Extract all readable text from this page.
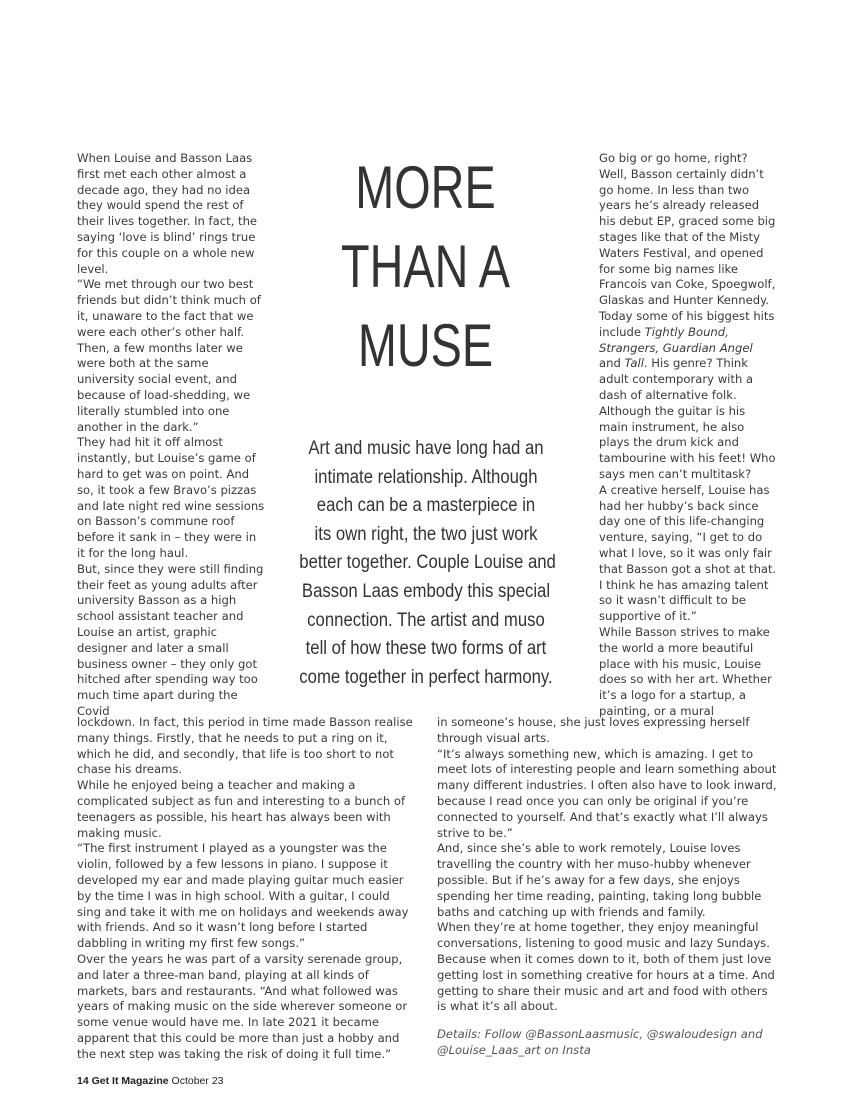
MORE
THAN A
MUSE
Art and music have long had an
intimate relationship. Although
each can be a masterpiece in
its own right, the two just work
better together. Couple Louise and
Basson Laas embody this special
connection. The artist and muso
tell of how these two forms of art
come together in perfect harmony.

When Louise and Basson Laas first met each other almost a decade ago, they had no idea they would spend the rest of their lives together. In fact, the saying ‘love is blind’ rings true for this couple on a whole new level.

“We met through our two best friends but didn’t think much of it, unaware to the fact that we were each other’s other half. Then, a few months later we were both at the same university social event, and because of load-shedding, we literally stumbled into one another in the dark.”

They had hit it off almost instantly, but Louise’s game of hard to get was on point. And so, it took a few Bravo’s pizzas and late night red wine sessions on Basson’s commune roof before it sank in – they were in it for the long haul.

But, since they were still finding their feet as young adults after university Basson as a high school assistant teacher and Louise an artist, graphic designer and later a small business owner – they only got hitched after spending way too much time apart during the Covid

Go big or go home, right? Well, Basson certainly didn’t go home. In less than two years he’s already released his debut EP, graced some big stages like that of the Misty Waters Festival, and opened for some big names like Francois van Coke, Spoegwolf, Glaskas and Hunter Kennedy. Today some of his biggest hits include Tightly Bound, Strangers, Guardian Angel and Tall. His genre? Think adult contemporary with a dash of alternative folk. Although the guitar is his main instrument, he also plays the drum kick and tambourine with his feet! Who says men can’t multitask?

A creative herself, Louise has had her hubby’s back since day one of this life-changing venture, saying, “I get to do what I love, so it was only fair that Basson got a shot at that. I think he has amazing talent so it wasn’t difficult to be supportive of it.”

While Basson strives to make the world a more beautiful place with his music, Louise does so with her art. Whether it’s a logo for a startup, a painting, or a mural

lockdown. In fact, this period in time made Basson realise many things. Firstly, that he needs to put a ring on it, which he did, and secondly, that life is too short to not chase his dreams.

While he enjoyed being a teacher and making a complicated subject as fun and interesting to a bunch of teenagers as possible, his heart has always been with making music.

“The first instrument I played as a youngster was the violin, followed by a few lessons in piano. I suppose it developed my ear and made playing guitar much easier by the time I was in high school. With a guitar, I could sing and take it with me on holidays and weekends away with friends. And so it wasn’t long before I started dabbling in writing my first few songs.”

Over the years he was part of a varsity serenade group, and later a three-man band, playing at all kinds of markets, bars and restaurants. “And what followed was years of making music on the side wherever someone or some venue would have me. In late 2021 it became apparent that this could be more than just a hobby and the next step was taking the risk of doing it full time.”

in someone’s house, she just loves expressing herself through visual arts.

“It’s always something new, which is amazing. I get to meet lots of interesting people and learn something about many different industries. I often also have to look inward, because I read once you can only be original if you’re connected to yourself. And that’s exactly what I’ll always strive to be.”

And, since she’s able to work remotely, Louise loves travelling the country with her muso-hubby whenever possible. But if he’s away for a few days, she enjoys spending her time reading, painting, taking long bubble baths and catching up with friends and family.

When they’re at home together, they enjoy meaningful conversations, listening to good music and lazy Sundays. Because when it comes down to it, both of them just love getting lost in something creative for hours at a time. And getting to share their music and art and food with others is what it’s all about.

Details: Follow @BassonLaasmusic, @swaloudesign and @Louise_Laas_art on Insta

14 Get It Magazine October 23
